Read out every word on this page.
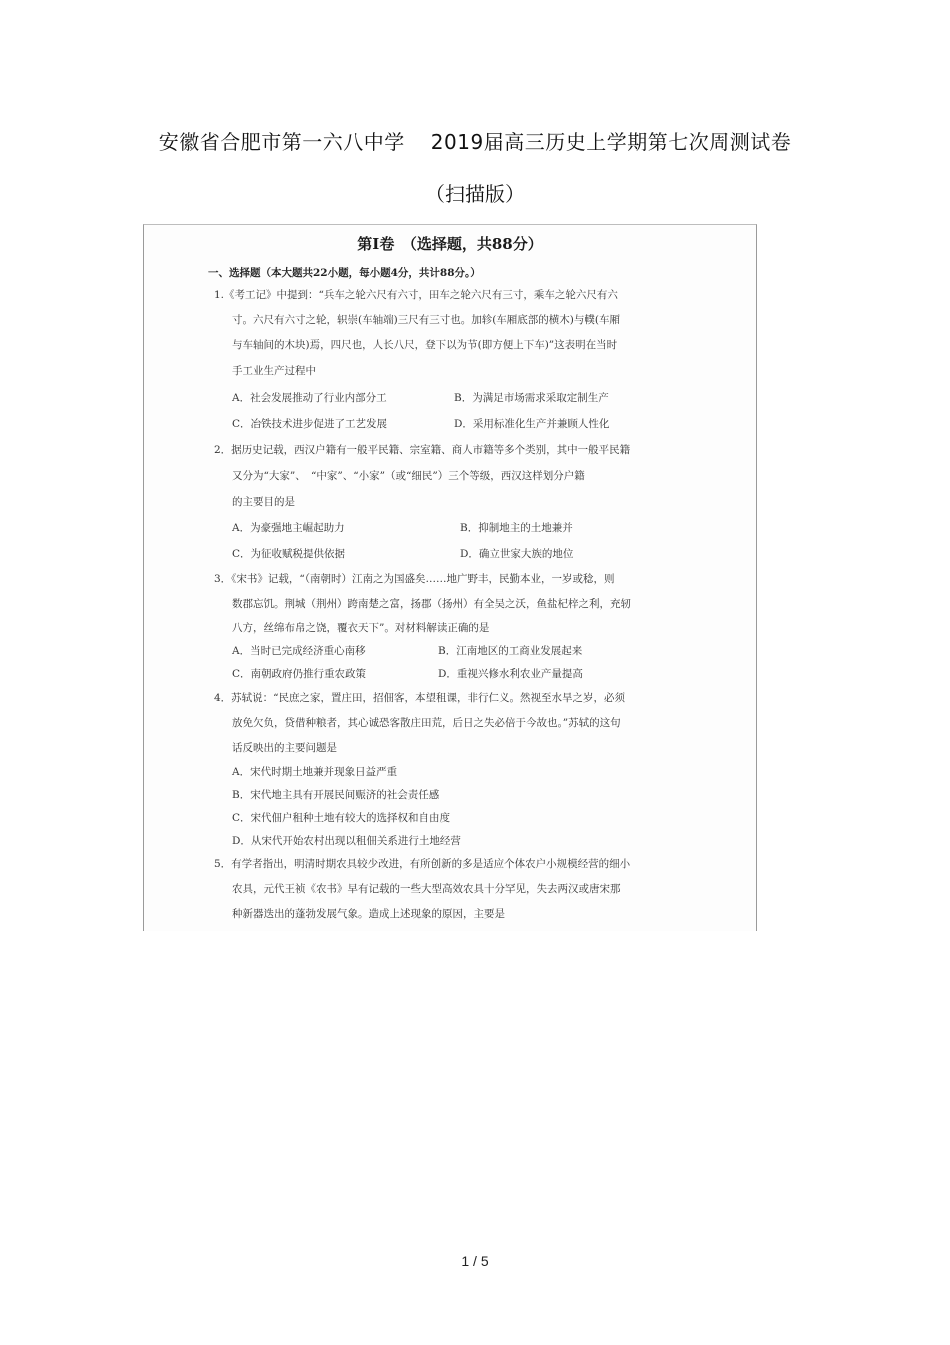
安徽省合肥市第一六八中学 2019届高三历史上学期第七次周测试卷
（扫描版）
第Ⅰ卷　（选择题，共88分）
一、选择题（本大题共22小题，每小题4分，共计88分。）
1.《考工记》中提到：“兵车之轮六尺有六寸，田车之轮六尺有三寸，乘车之轮六尺有六
寸。六尺有六寸之轮，轵崇(车轴端)三尺有三寸也。加轸(车厢底部的横木)与轐(车厢
与车轴间的木块)焉，四尺也，人长八尺，登下以为节(即方便上下车)”这表明在当时
手工业生产过程中
A．社会发展推动了行业内部分工	B．为满足市场需求采取定制生产
C．冶铁技术进步促进了工艺发展	D．采用标准化生产并兼顾人性化
2．据历史记载，西汉户籍有一般平民籍、宗室籍、商人市籍等多个类别，其中一般平民籍
又分为“大家”、　“中家”、“小家”（或“细民”）三个等级，西汉这样划分户籍
的主要目的是
A．为豪强地主崛起助力	B．抑制地主的土地兼并
C．为征收赋税提供依据	D．确立世家大族的地位
3．《宋书》记载，“（南朝时）江南之为国盛矣……地广野丰，民勤本业，一岁或稔，则
数郡忘饥。荆城（荆州）跨南楚之富，扬郡（扬州）有全吴之沃，鱼盐杞梓之利，充轫
八方，丝绵布帛之饶，覆衣天下”。对材料解读正确的是
A．当时已完成经济重心南移	B．江南地区的工商业发展起来
C．南朝政府仍推行重农政策	D．重视兴修水利农业产量提高
4．苏轼说：“民庶之家，置庄田，招佃客，本望租课，非行仁义。然视至水旱之岁，必须
放免欠负，贷借种粮者，其心诚恐客散庄田荒，后日之失必倍于今故也。”苏轼的这句
话反映出的主要问题是
A．宋代时期土地兼并现象日益严重
B．宋代地主具有开展民间赈济的社会责任感
C．宋代佃户租种土地有较大的选择权和自由度
D．从宋代开始农村出现以租佃关系进行土地经营
5．有学者指出，明清时期农具较少改进，有所创新的多是适应个体农户小规模经营的细小
农具，元代王祯《农书》早有记载的一些大型高效农具十分罕见，失去两汉或唐宋那
种新器迭出的蓬勃发展气象。造成上述现象的原因，主要是
1 / 5
